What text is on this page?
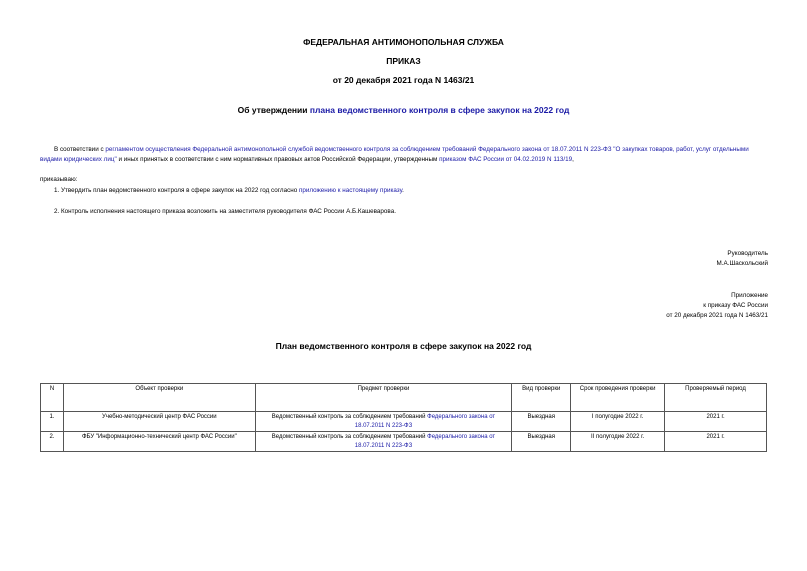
ФЕДЕРАЛЬНАЯ АНТИМОНОПОЛЬНАЯ СЛУЖБА
ПРИКАЗ
от 20 декабря 2021 года N 1463/21
Об утверждении плана ведомственного контроля в сфере закупок на 2022 год
В соответствии с регламентом осуществления Федеральной антимонопольной службой ведомственного контроля за соблюдением требований Федерального закона от 18.07.2011 N 223-ФЗ "О закупках товаров, работ, услуг отдельными видами юридических лиц" и иных принятых в соответствии с ним нормативных правовых актов Российской Федерации, утвержденным приказом ФАС России от 04.02.2019 N 113/19,
приказываю:
1. Утвердить план ведомственного контроля в сфере закупок на 2022 год согласно приложению к настоящему приказу.
2. Контроль исполнения настоящего приказа возложить на заместителя руководителя ФАС России А.Б.Кашеварова.
Руководитель
М.А.Шаскольский
Приложение
к приказу ФАС России
от 20 декабря 2021 года N 1463/21
План ведомственного контроля в сфере закупок на 2022 год
N	Объект проверки	Предмет проверки	Вид проверки	Срок проведения проверки	Проверяемый период
1.	Учебно-методический центр ФАС России	Ведомственный контроль за соблюдением требований Федерального закона от 18.07.2011 N 223-ФЗ	Выездная	I полугодие 2022 г.	2021 г.
2.	ФБУ "Информационно-технический центр ФАС России"	Ведомственный контроль за соблюдением требований Федерального закона от 18.07.2011 N 223-ФЗ	Выездная	II полугодие 2022 г.	2021 г.
